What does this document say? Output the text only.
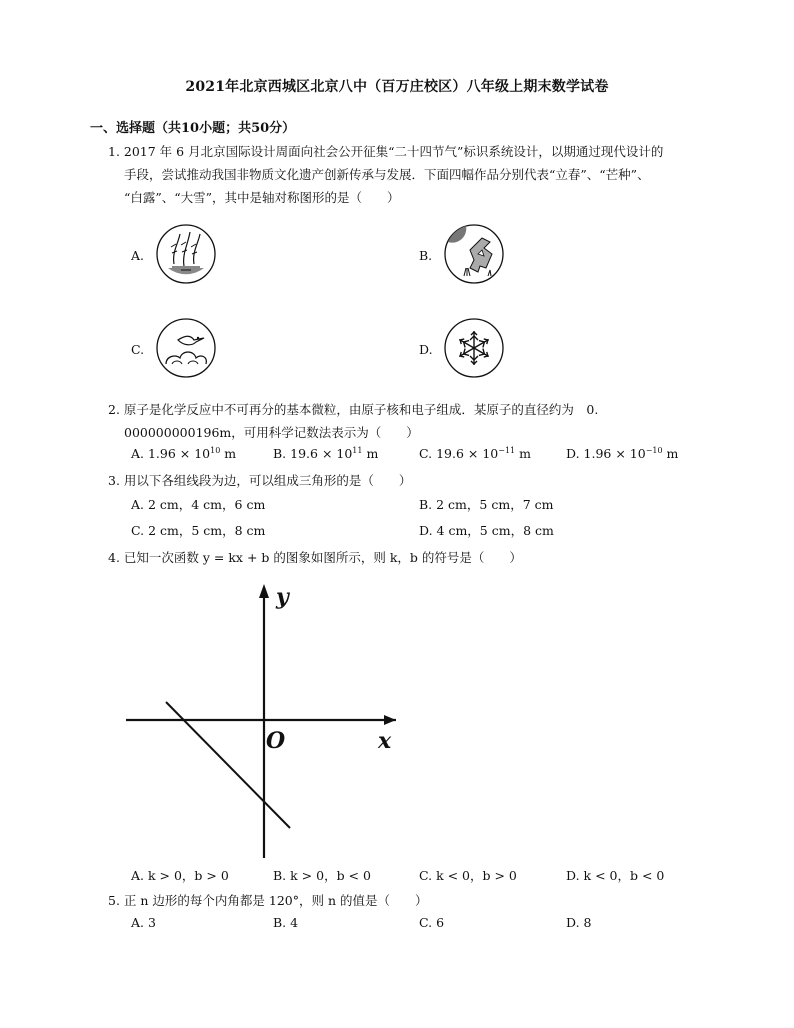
2021年北京西城区北京八中（百万庄校区）八年级上期末数学试卷
一、选择题（共10小题；共50分）
1. 2017 年 6 月北京国际设计周面向社会公开征集“二十四节气”标识系统设计，以期通过现代设计的
手段，尝试推动我国非物质文化遗产创新传承与发展．下面四幅作品分别代表“立春”、“芒种”、
“白露”、“大雪”，其中是轴对称图形的是（　　）
A.	B.
C.	D.
2. 原子是化学反应中不可再分的基本微粒，由原子核和电子组成．某原子的直径约为　0.
000000000196m，可用科学记数法表示为（　　）
A. $1.96 \times 10^{10}$ m	B. $19.6 \times 10^{11}$ m	C. $19.6 \times 10^{-11}$ m	D. $1.96 \times 10^{-10}$ m
3. 用以下各组线段为边，可以组成三角形的是（　　）
A. 2 cm，4 cm，6 cm	B. 2 cm，5 cm，7 cm
C. 2 cm，5 cm，8 cm	D. 4 cm，5 cm，8 cm
4. 已知一次函数 y = kx + b 的图象如图所示，则 k，b 的符号是（　　）
y
x
O
A. k > 0，b > 0	B. k > 0，b < 0	C. k < 0，b > 0	D. k < 0，b < 0
5. 正 n 边形的每个内角都是 120°，则 n 的值是（　　）
A. 3	B. 4	C. 6	D. 8
